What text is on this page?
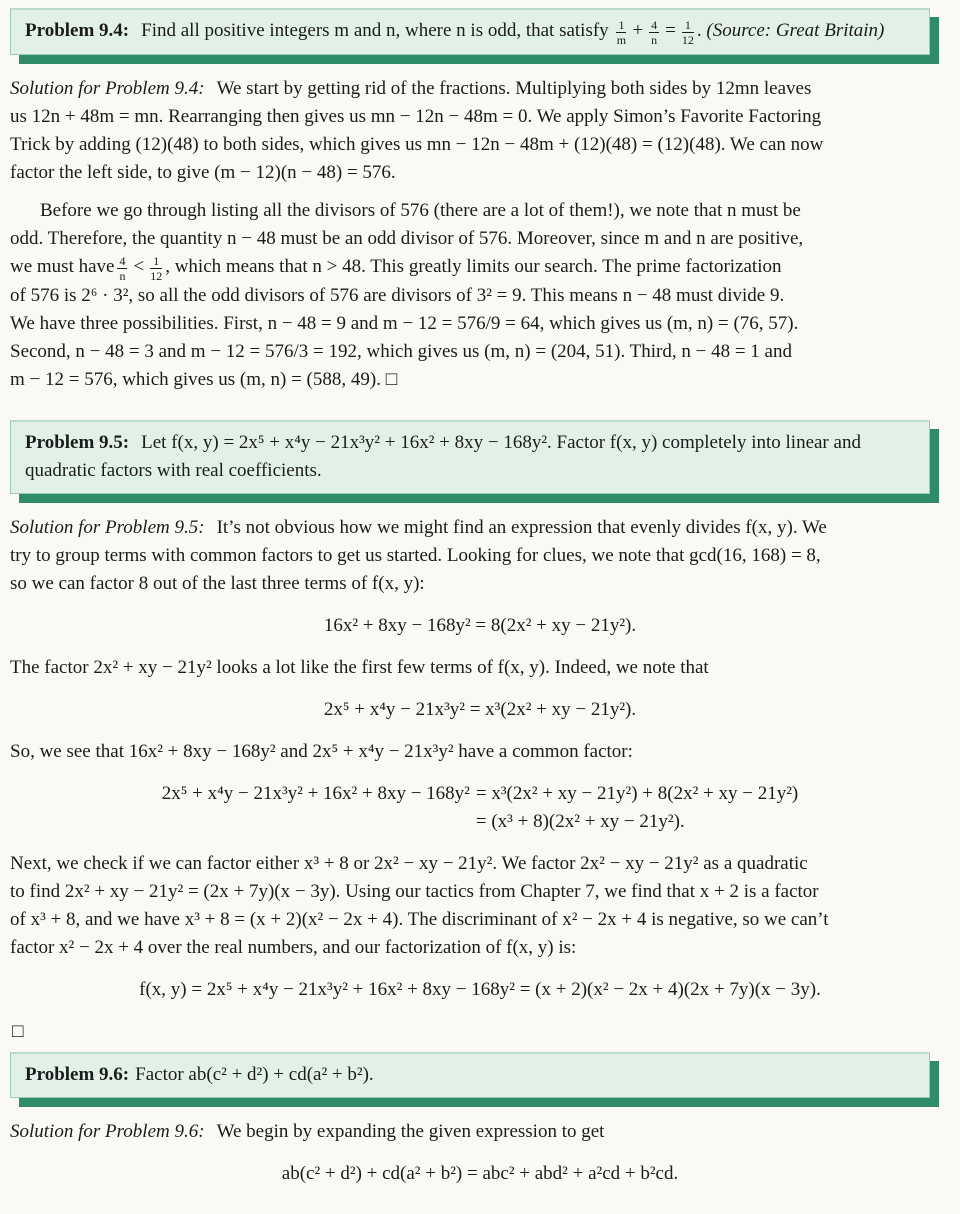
Problem 9.4: Find all positive integers m and n, where n is odd, that satisfy $\frac{1}{m} + \frac{4}{n} = \frac{1}{12}$ . (Source: Great Britain)
Solution for Problem 9.4: We start by getting rid of the fractions. Multiplying both sides by 12mn leaves
us 12n + 48m = mn. Rearranging then gives us mn − 12n − 48m = 0. We apply Simon’s Favorite Factoring
Trick by adding (12)(48) to both sides, which gives us mn − 12n − 48m + (12)(48) = (12)(48). We can now
factor the left side, to give (m − 12)(n − 48) = 576.
Before we go through listing all the divisors of 576 (there are a lot of them!), we note that n must be
odd. Therefore, the quantity n − 48 must be an odd divisor of 576. Moreover, since m and n are positive,
we must have $\frac{4}{n} < \frac{1}{12}$ , which means that n > 48. This greatly limits our search. The prime factorization
of 576 is 2⁶ · 3², so all the odd divisors of 576 are divisors of 3² = 9. This means n − 48 must divide 9.
We have three possibilities. First, n − 48 = 9 and m − 12 = 576/9 = 64, which gives us (m, n) = (76, 57).
Second, n − 48 = 3 and m − 12 = 576/3 = 192, which gives us (m, n) = (204, 51). Third, n − 48 = 1 and
m − 12 = 576, which gives us (m, n) = (588, 49). □
Problem 9.5: Let f(x, y) = 2x⁵ + x⁴y − 21x³y² + 16x² + 8xy − 168y². Factor f(x, y) completely into linear and quadratic factors with real coefficients.
Solution for Problem 9.5: It’s not obvious how we might find an expression that evenly divides f(x, y). We
try to group terms with common factors to get us started. Looking for clues, we note that gcd(16, 168) = 8,
so we can factor 8 out of the last three terms of f(x, y):
16x² + 8xy − 168y² = 8(2x² + xy − 21y²).
The factor 2x² + xy − 21y² looks a lot like the first few terms of f(x, y). Indeed, we note that
2x⁵ + x⁴y − 21x³y² = x³(2x² + xy − 21y²).
So, we see that 16x² + 8xy − 168y² and 2x⁵ + x⁴y − 21x³y² have a common factor:
2x⁵ + x⁴y − 21x³y² + 16x² + 8xy − 168y²	= x³(2x² + xy − 21y²) + 8(2x² + xy − 21y²)
	= (x³ + 8)(2x² + xy − 21y²).
Next, we check if we can factor either x³ + 8 or 2x² − xy − 21y². We factor 2x² − xy − 21y² as a quadratic
to find 2x² + xy − 21y² = (2x + 7y)(x − 3y). Using our tactics from Chapter 7, we find that x + 2 is a factor
of x³ + 8, and we have x³ + 8 = (x + 2)(x² − 2x + 4). The discriminant of x² − 2x + 4 is negative, so we can’t
factor x² − 2x + 4 over the real numbers, and our factorization of f(x, y) is:
f(x, y) = 2x⁵ + x⁴y − 21x³y² + 16x² + 8xy − 168y² = (x + 2)(x² − 2x + 4)(2x + 7y)(x − 3y).
□
Problem 9.6: Factor ab(c² + d²) + cd(a² + b²).
Solution for Problem 9.6: We begin by expanding the given expression to get
ab(c² + d²) + cd(a² + b²) = abc² + abd² + a²cd + b²cd.
